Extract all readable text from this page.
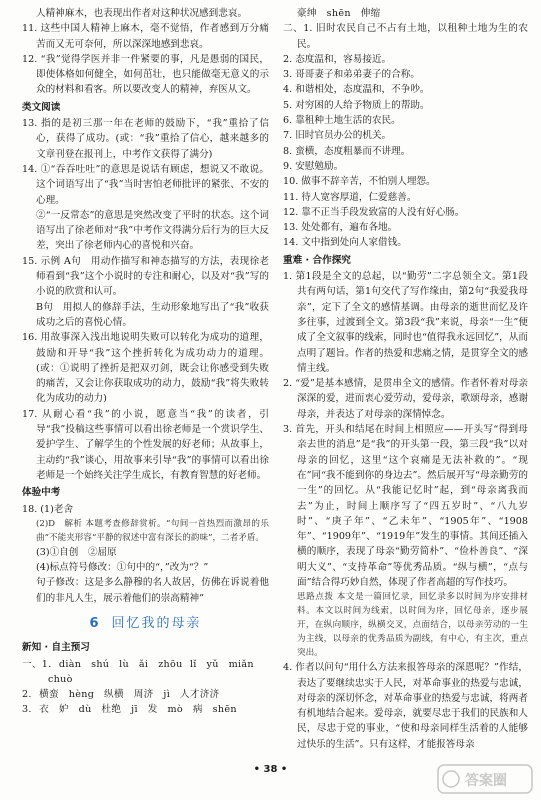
人精神麻木，也表现出作者对这种状况感到悲哀。

11. 这些中国人精神上麻木，毫不觉悟，作者感到万分痛苦而又无可奈何，所以深深地感到悲哀。

12. “我”觉得学医并非一件紧要的事，凡是愚弱的国民，即使体格如何健全，如何茁壮，也只能做毫无意义的示众的材料和看客。所以要改变人的精神，弃医从文。

类文阅读

13. 指的是初三那一年在老师的鼓励下，“我”重拾了信心，获得了成功。(或：“我”重拾了信心，越来越多的文章刊登在报刊上，中考作文获得了满分)

14. ①“吞吞吐吐”的意思是说话有顾虑，想说又不敢说。这个词语写出了“我”当时害怕老师批评的紧张、不安的心理。

②“一反常态”的意思是突然改变了平时的状态。这个词语写出了徐老师对“我”中考作文得满分后行为的巨大反差，突出了徐老师内心的喜悦和兴奋。

15. 示例 A句　用动作描写和神态描写的方法，表现徐老师看到“我”这个小说时的专注和耐心，以及对“我”写的小说的欣赏和认可。

B句　用拟人的修辞手法，生动形象地写出了“我”收获成功之后的喜悦心情。

16. 用故事深入浅出地说明失败可以转化为成功的道理，鼓励和开导“我”这个挫折转化为成功动力的道理。(或：①说明了挫折是把双刃剑，既会让你感受到失败的痛苦，又会让你获取成功的动力，鼓励“我”将失败转化为成功的动力)

17. 从耐心看“我”的小说，愿意当“我”的读者，引导“我”投稿这些事情可以看出徐老师是一个赏识学生、爱护学生、了解学生的个性发展的好老师；从故事上，主动约“我”谈心，用故事来引导“我”的事情可以看出徐老师是一个始终关注学生成长，有教育智慧的好老师。

体验中考

18. (1)老舍

(2)D　解析 本题考查修辞赏析。“句间一首热烈而激昂的乐曲”不能夹形容“平静的叙述中富有深长的韵味”，二者矛盾。

(3)①自创　②屈原

(4)标点符号修改：①句中的“，”改为“？”

句子修改：这是多么静穆的名人故居，仿佛在诉说着他们的非凡人生，展示着他们的崇高精神”

6 回忆我的母亲

新知 · 自主预习

一、1. diàn　shú　lù　ǎi　zhōu lǐ　yǔ　miǎn

chuò

2. 横蛮　hèng　纵横　周济　jì　人才济济

3. 衣　妒　dù　杜绝　jī　发　mò　病　shēn

豪绅　shēn　伸缩

二、1. 旧时农民自己不占有土地，以租种土地为生的农民。

2. 态度温和，容易接近。

3. 哥哥妻子和弟弟妻子的合称。

4. 和谐相处，态度温和，不争吵。

5. 对穷困的人给予物质上的帮助。

6. 靠租种土地生活的农民。

7. 旧时官员办公的机关。

8. 蛮横，态度粗暴而不讲理。

9. 安慰勉励。

10. 做事不辞辛苦，不怕别人埋怨。

11. 待人宽容厚道，仁爱慈善。

12. 靠不正当手段发致富的人没有好心肠。

13. 处处都有，遍布各地。

14. 文中指到处向人家借钱。

重难 · 合作探究

1. 第1段是全文的总起，以“勤劳”二字总领全文。第1段共有两句话，第1句交代了写作缘由，第2句“我爱我母亲”，定下了全文的感情基调。由母亲的逝世而忆及许多往事，过渡到全文。第3段“我”来说，母亲“一生”便成了全文叙事的线索，同时也“值得我永远回忆”，从而点明了题旨。作者的热爱和悲痛之情，是贯穿全文的感情主线。

2. “爱”是基本感情，是贯串全文的感情。作者怀着对母亲深深的爱，进而衷心爱劳动，爱母亲，歌颂母亲，感谢母亲，并表达了对母亲的深情悼念。

3. 首先，开头和结尾在时间上相照应——开头写“得到母亲去世的消息”是“我”的开头第一段，第三段“我”以对母亲的回忆，这里“这个哀痛是无法补救的”。“现在”同“我不能到你的身边去”。然后展开写“母亲勤劳的一生”的回忆。从“我能记忆时”起，到“母亲离我而去”为止，时间上顺序写了“四五岁时”、“八九岁时”、“庚子年”、“乙未年”、“1905年”、“1908年”、“1909年”、“1919年”发生的事情。其间还插入横的顺序，表现了母亲“勤劳简朴”、“俭朴善良”、“深明大义”、“支持革命”等优秀品质。“纵与横”，“点与面”结合得巧妙自然，体现了作者高超的写作技巧。

思路点拨 本文是一篇回忆录，回忆录多以时间为序安排材料。本文以时间为线索，以时间为序，回忆母亲，逐步展开，在纵向顺序，纵横交叉，点面结合，以母亲劳动的一生为主线，以母亲的优秀品质为副线，有中心，有主次，重点突出。

4. 作者以问句“用什么方法来报答母亲的深恩呢？”作结，表达了要继续忠实于人民，对革命事业的热爱与忠诚，对母亲的深切怀念，对革命事业的热爱与忠诚，将两者有机地结合起来。爱母亲，就要尽忠于我们的民族和人民，尽忠于党的事业，“使和母亲同样生活着的人能够过快乐的生活”。只有这样，才能报答母亲

• 38 •
答案圈
